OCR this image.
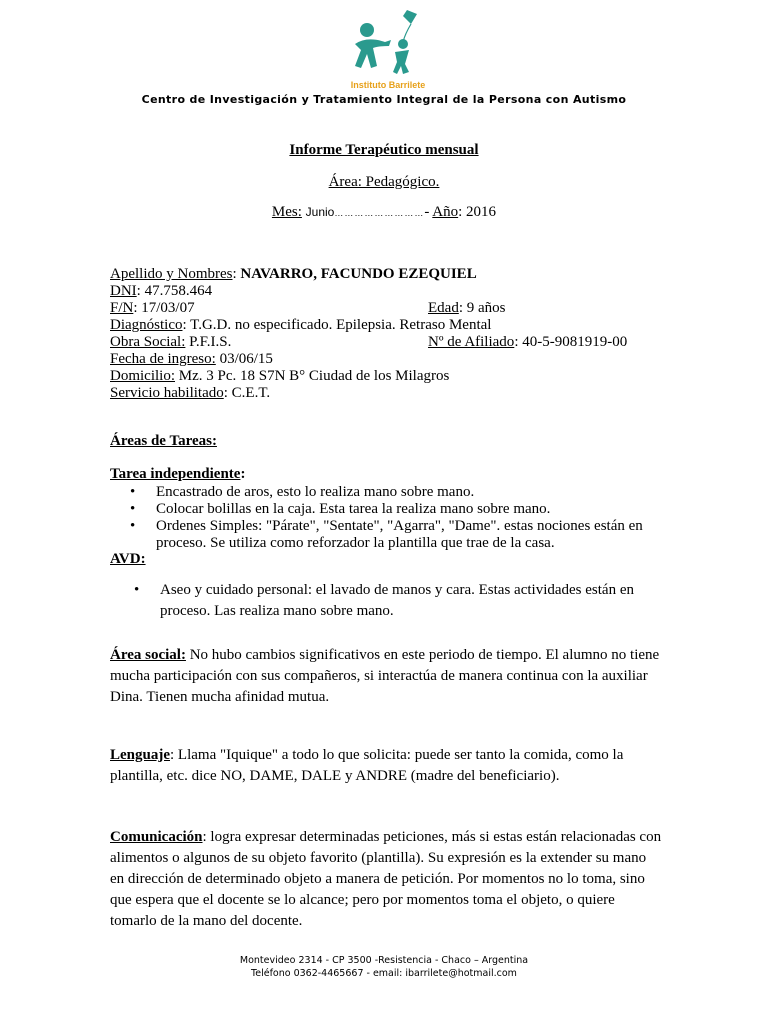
Instituto Barrilete
Centro de Investigación y Tratamiento Integral de la Persona con Autismo
Informe Terapéutico mensual
Área: Pedagógico.
Mes: Junio………………………- Año: 2016
Apellido y Nombres: NAVARRO, FACUNDO EZEQUIEL
DNI: 47.758.464
F/N: 17/03/07	Edad: 9 años
Diagnóstico: T.G.D. no especificado. Epilepsia. Retraso Mental
Obra Social: P.F.I.S.	Nº de Afiliado: 40-5-9081919-00
Fecha de ingreso: 03/06/15
Domicilio: Mz. 3 Pc. 18 S7N B° Ciudad de los Milagros
Servicio habilitado: C.E.T.
Áreas de Tareas:
Tarea independiente:
• Encastrado de aros, esto lo realiza mano sobre mano.
• Colocar bolillas en la caja. Esta tarea la realiza mano sobre mano.
• Ordenes Simples: "Párate", "Sentate", "Agarra", "Dame". estas nociones están en proceso. Se utiliza como reforzador la plantilla que trae de la casa.
AVD:
• Aseo y cuidado personal: el lavado de manos y cara. Estas actividades están en proceso. Las realiza mano sobre mano.
Área social: No hubo cambios significativos en este periodo de tiempo. El alumno no tiene mucha participación con sus compañeros, si interactúa de manera continua con la auxiliar Dina. Tienen mucha afinidad mutua.
Lenguaje: Llama "Iquique" a todo lo que solicita: puede ser tanto la comida, como la plantilla, etc. dice NO, DAME, DALE y ANDRE (madre del beneficiario).
Comunicación: logra expresar determinadas peticiones, más si estas están relacionadas con alimentos o algunos de su objeto favorito (plantilla). Su expresión es la extender su mano en dirección de determinado objeto a manera de petición. Por momentos no lo toma, sino que espera que el docente se lo alcance; pero por momentos toma el objeto, o quiere tomarlo de la mano del docente.
Montevideo 2314 - CP 3500 -Resistencia - Chaco – Argentina
Teléfono 0362-4465667 - email: ibarrilete@hotmail.com
